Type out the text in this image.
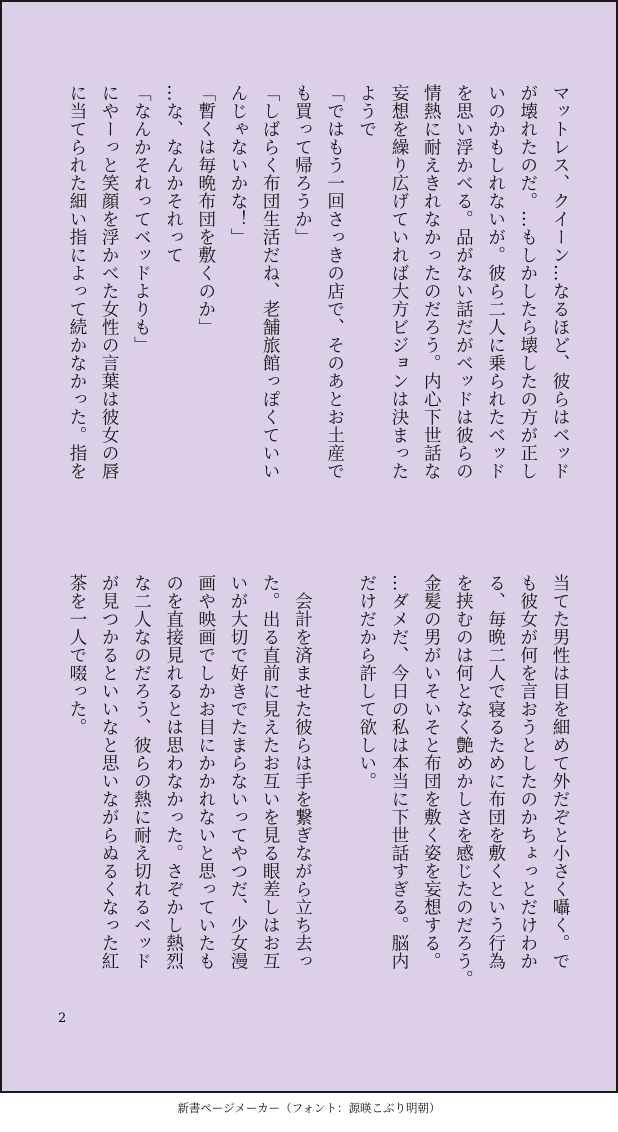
マットレス、クイーン…なるほど、彼らはベッド
が壊れたのだ。…もしかしたら壊したの方が正し
いのかもしれないが。彼ら二人に乗られたベッド
を思い浮かべる。品がない話だがベッドは彼らの
情熱に耐えきれなかったのだろう。内心下世話な
妄想を繰り広げていれば大方ビジョンは決まった
ようで
「ではもう一回さっきの店で、そのあとお土産で
も買って帰ろうか」
「しばらく布団生活だね、老舗旅館っぽくていい
んじゃないかな！」
「暫くは毎晩布団を敷くのか」
…な、なんかそれって
「なんかそれってベッドよりも」
にやーっと笑顔を浮かべた女性の言葉は彼女の唇
に当てられた細い指によって続かなかった。指を
当てた男性は目を細めて外だぞと小さく囁く。で
も彼女が何を言おうとしたのかちょっとだけわか
る、毎晩二人で寝るために布団を敷くという行為
を挟むのは何となく艶めかしさを感じたのだろう。
金髪の男がいそいそと布団を敷く姿を妄想する。
…ダメだ、今日の私は本当に下世話すぎる。脳内
だけだから許して欲しい。

　会計を済ませた彼らは手を繋ぎながら立ち去っ
た。出る直前に見えたお互いを見る眼差しはお互
いが大切で好きでたまらないってやつだ、少女漫
画や映画でしかお目にかかれないと思っていたも
のを直接見れるとは思わなかった。さぞかし熱烈
な二人なのだろう、彼らの熱に耐え切れるベッド
が見つかるといいなと思いながらぬるくなった紅
茶を一人で啜った。
2
新書ページメーカー（フォント：源暎こぶり明朝）
